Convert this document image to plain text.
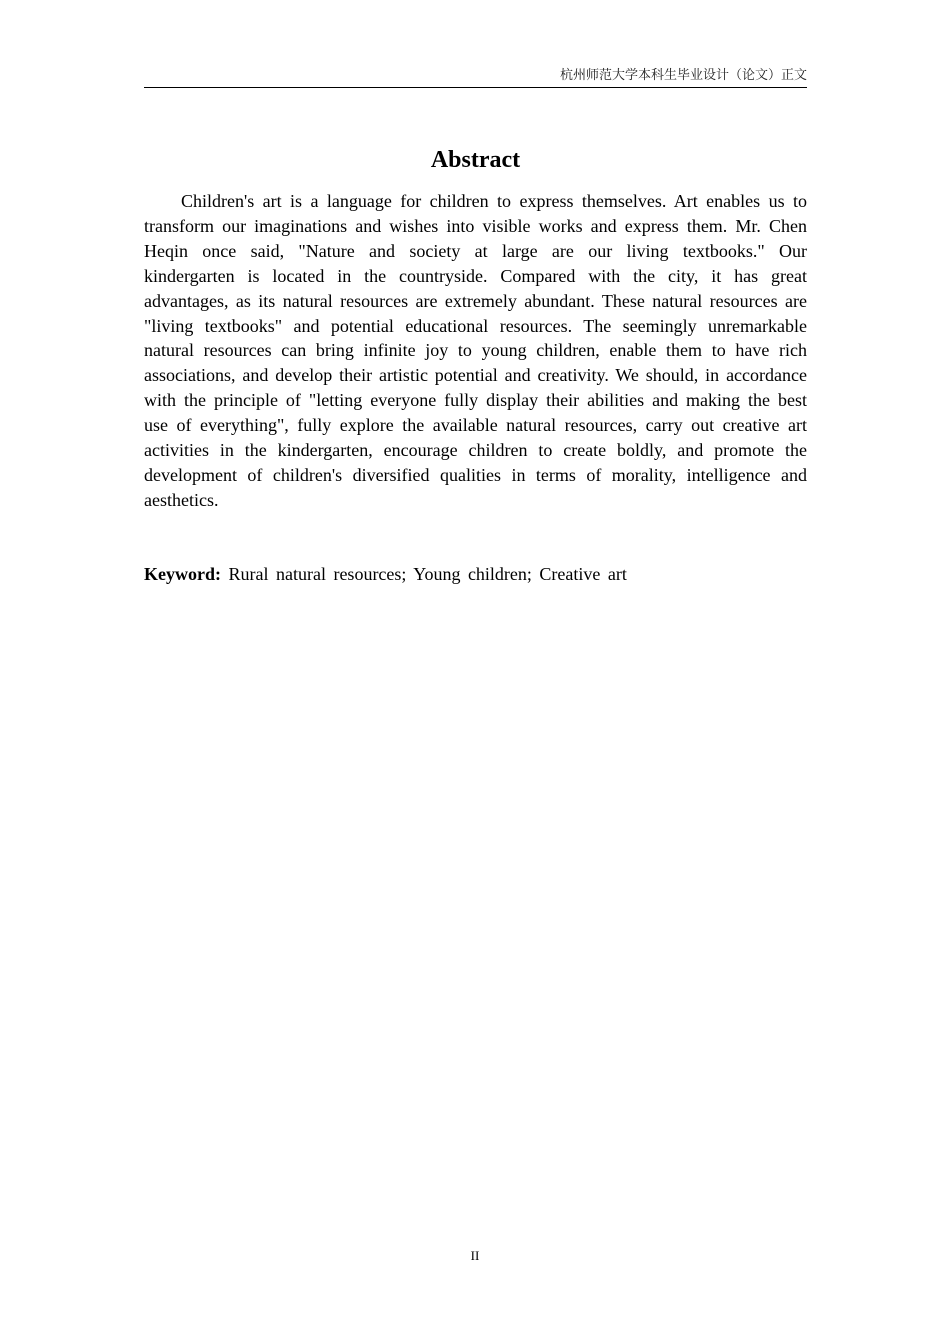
杭州师范大学本科生毕业设计（论文）正文
Abstract

Children's art is a language for children to express themselves. Art enables us to transform our imaginations and wishes into visible works and express them. Mr. Chen Heqin once said, "Nature and society at large are our living textbooks." Our kindergarten is located in the countryside. Compared with the city, it has great advantages, as its natural resources are extremely abundant. These natural resources are "living textbooks" and potential educational resources. The seemingly unremarkable natural resources can bring infinite joy to young children, enable them to have rich associations, and develop their artistic potential and creativity. We should, in accordance with the principle of "letting everyone fully display their abilities and making the best use of everything", fully explore the available natural resources, carry out creative art activities in the kindergarten, encourage children to create boldly, and promote the development of children's diversified qualities in terms of morality, intelligence and aesthetics.

Keyword: Rural natural resources; Young children; Creative art
II
